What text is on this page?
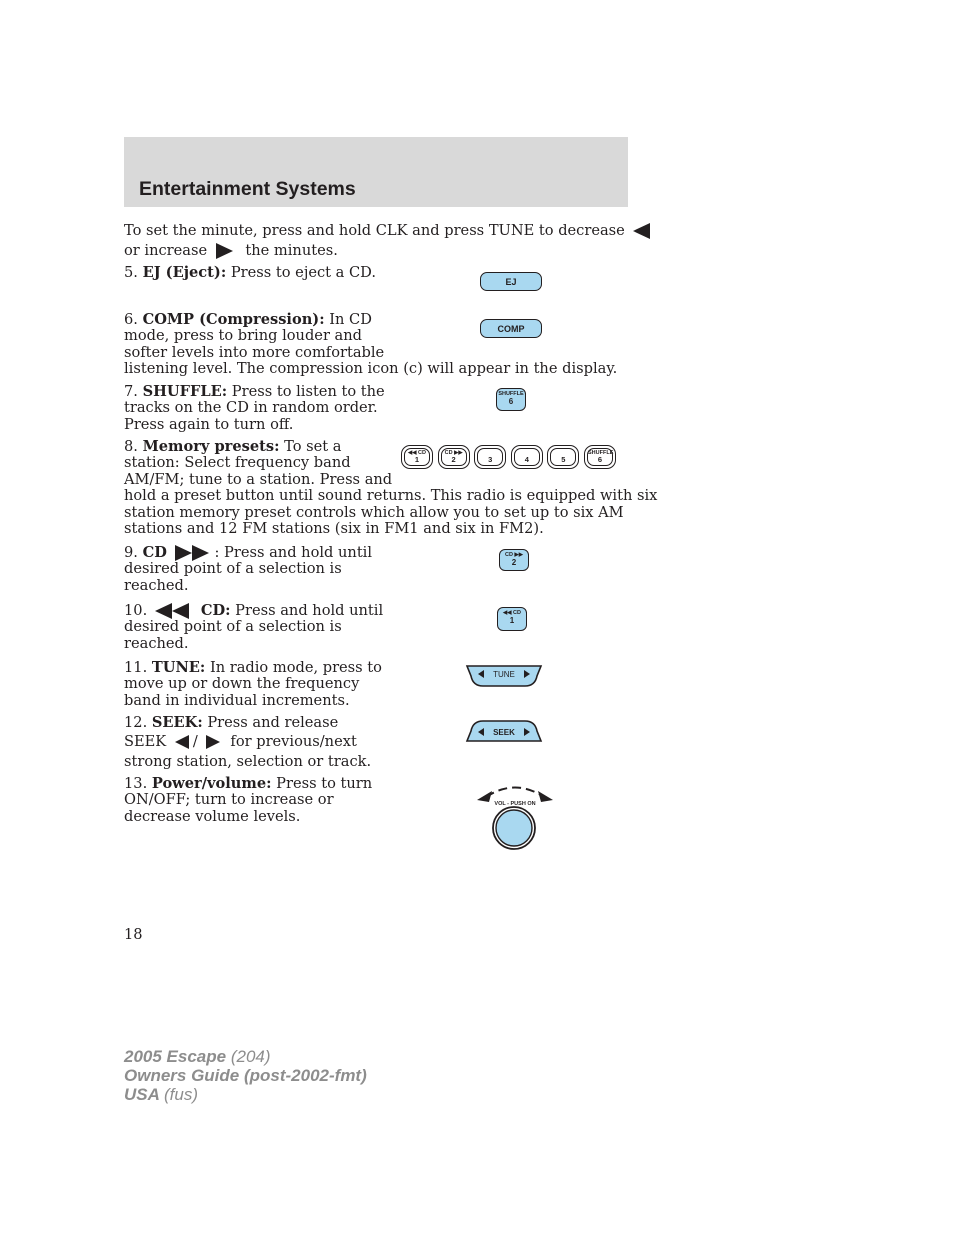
Entertainment Systems
To set the minute, press and hold CLK and press TUNE to decrease
or increase	the minutes.
5. EJ (Eject): Press to eject a CD.
EJ
6. COMP (Compression): In CD
mode, press to bring louder and
softer levels into more comfortable
listening level. The compression icon (c) will appear in the display.
COMP
7. SHUFFLE: Press to listen to the
tracks on the CD in random order.
Press again to turn off.
SHUFFLE
6
8. Memory presets: To set a
station: Select frequency band
AM/FM; tune to a station. Press and
hold a preset button until sound returns. This radio is equipped with six
station memory preset controls which allow you to set up to six AM
stations and 12 FM stations (six in FM1 and six in FM2).
◀◀ CD
1
CD ▶▶
2	3	4	5
SHUFFLE
6
9. CD	: Press and hold until
desired point of a selection is
reached.
CD ▶▶
2
10.	CD: Press and hold until
desired point of a selection is
reached.
◀◀ CD
1
11. TUNE: In radio mode, press to
move up or down the frequency
band in individual increments.
TUNE
12. SEEK: Press and release
SEEK / for previous/next
strong station, selection or track.
SEEK
13. Power/volume: Press to turn
ON/OFF; turn to increase or
decrease volume levels.
VOL - PUSH ON
18
2005 Escape (204)
Owners Guide (post-2002-fmt)
USA (fus)
